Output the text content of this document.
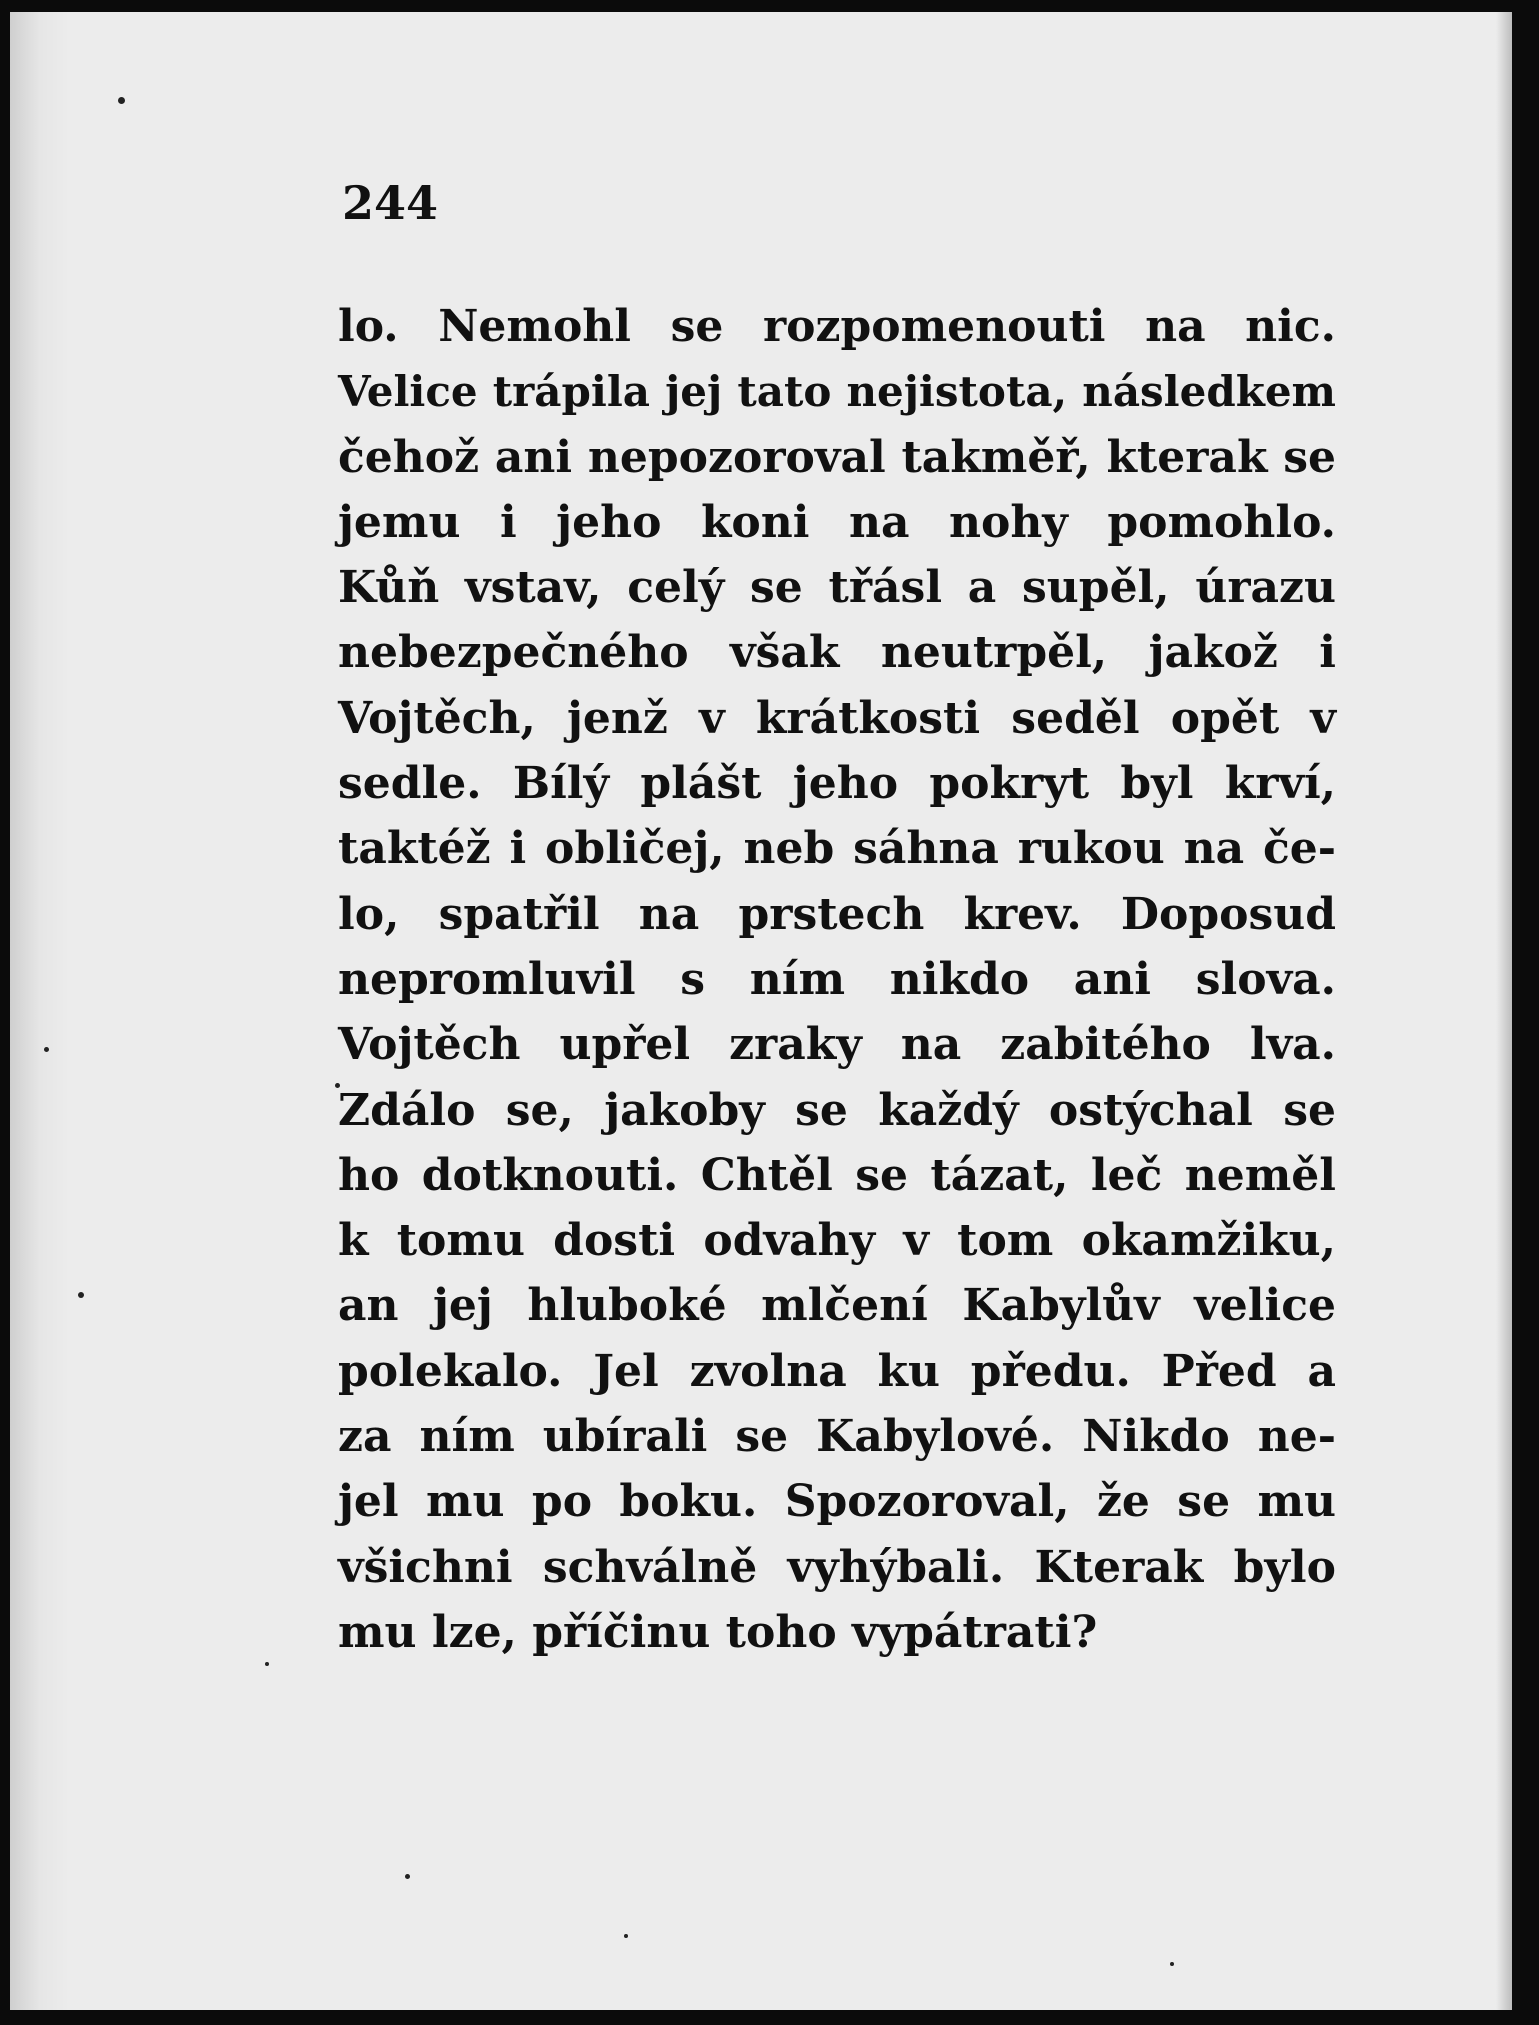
244
lo. Nemohl se rozpomenouti na nic.
Velice trápila jej tato nejistota, následkem
čehož ani nepozoroval takměř, kterak se
jemu i jeho koni na nohy pomohlo.
Kůň vstav, celý se třásl a supěl, úrazu
nebezpečného však neutrpěl, jakož i
Vojtěch, jenž v krátkosti seděl opět v
sedle. Bílý plášt jeho pokryt byl krví,
taktéž i obličej, neb sáhna rukou na če-
lo, spatřil na prstech krev. Doposud
nepromluvil s ním nikdo ani slova.
Vojtěch upřel zraky na zabitého lva.
Zdálo se, jakoby se každý ostýchal se
ho dotknouti. Chtěl se tázat, leč neměl
k tomu dosti odvahy v tom okamžiku,
an jej hluboké mlčení Kabylův velice
polekalo. Jel zvolna ku předu. Před a
za ním ubírali se Kabylové. Nikdo ne-
jel mu po boku. Spozoroval, že se mu
všichni schválně vyhýbali. Kterak bylo
mu lze, příčinu toho vypátrati?
